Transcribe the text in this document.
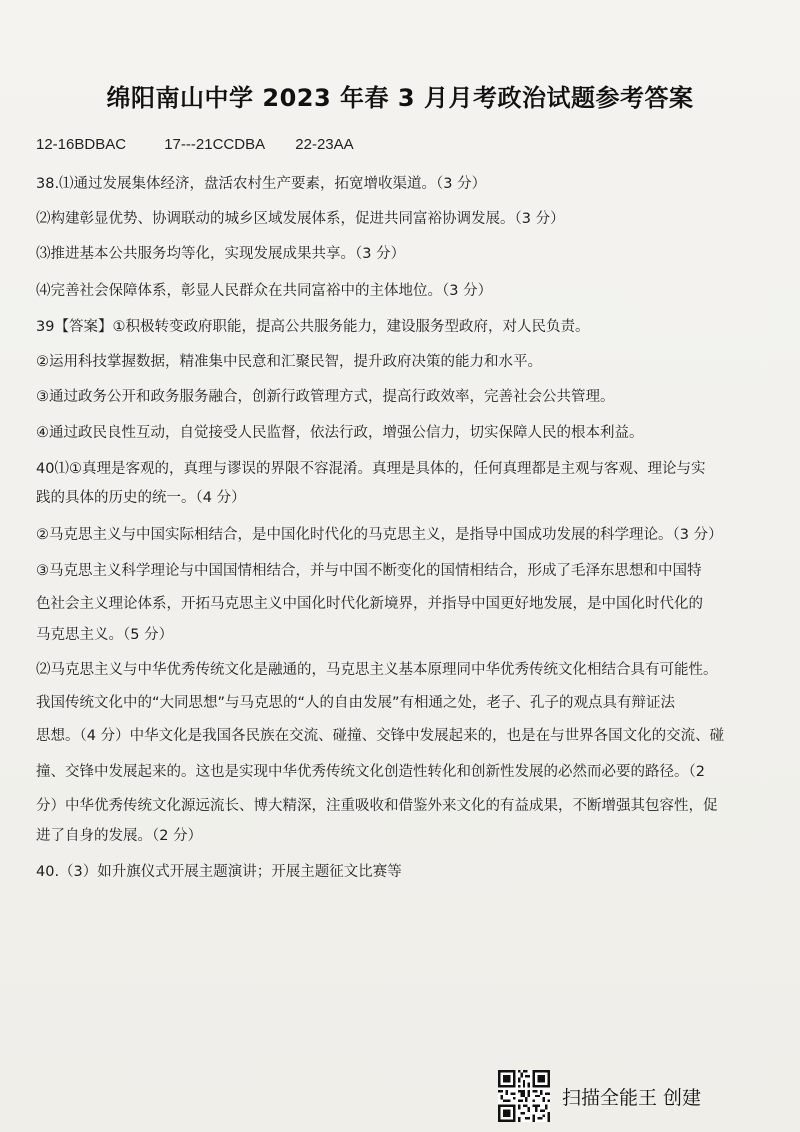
绵阳南山中学 2023 年春 3 月月考政治试题参考答案
12-16BDBAC	17---21CCDBA 22-23AA
38.⑴通过发展集体经济，盘活农村生产要素，拓宽增收渠道。（3 分）
⑵构建彰显优势、协调联动的城乡区域发展体系，促进共同富裕协调发展。（3 分）
⑶推进基本公共服务均等化，实现发展成果共享。（3 分）
⑷完善社会保障体系，彰显人民群众在共同富裕中的主体地位。（3 分）
39【答案】①积极转变政府职能，提高公共服务能力，建设服务型政府，对人民负责。
②运用科技掌握数据，精准集中民意和汇聚民智，提升政府决策的能力和水平。
③通过政务公开和政务服务融合，创新行政管理方式，提高行政效率，完善社会公共管理。
④通过政民良性互动，自觉接受人民监督，依法行政，增强公信力，切实保障人民的根本利益。
40⑴①真理是客观的，真理与谬误的界限不容混淆。真理是具体的，任何真理都是主观与客观、理论与实
践的具体的历史的统一。（4 分）
②马克思主义与中国实际相结合，是中国化时代化的马克思主义，是指导中国成功发展的科学理论。（3 分）
③马克思主义科学理论与中国国情相结合，并与中国不断变化的国情相结合，形成了毛泽东思想和中国特
色社会主义理论体系，开拓马克思主义中国化时代化新境界，并指导中国更好地发展，是中国化时代化的
马克思主义。（5 分）
⑵马克思主义与中华优秀传统文化是融通的，马克思主义基本原理同中华优秀传统文化相结合具有可能性。
我国传统文化中的“大同思想”与马克思的“人的自由发展”有相通之处，老子、孔子的观点具有辩证法
思想。（4 分）中华文化是我国各民族在交流、碰撞、交锋中发展起来的，也是在与世界各国文化的交流、碰
撞、交锋中发展起来的。这也是实现中华优秀传统文化创造性转化和创新性发展的必然而必要的路径。（2
分）中华优秀传统文化源远流长、博大精深，注重吸收和借鉴外来文化的有益成果，不断增强其包容性，促
进了自身的发展。（2 分）
40.（3）如升旗仪式开展主题演讲；开展主题征文比赛等
扫描全能王 创建
